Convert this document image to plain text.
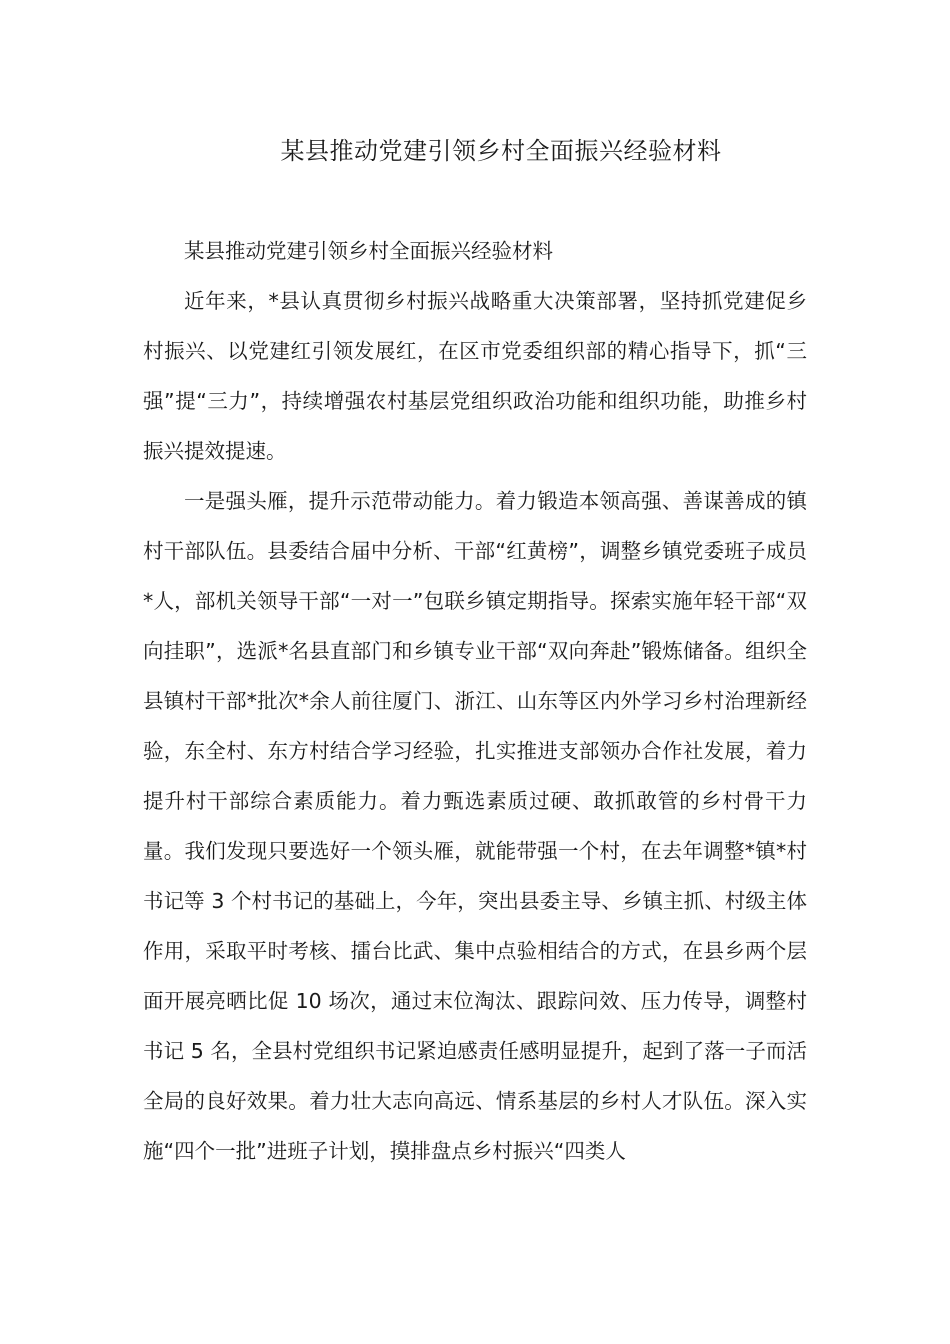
某县推动党建引领乡村全面振兴经验材料

某县推动党建引领乡村全面振兴经验材料

近年来，*县认真贯彻乡村振兴战略重大决策部署，坚持抓党建促乡村振兴、以党建红引领发展红，在区市党委组织部的精心指导下，抓“三强”提“三力”，持续增强农村基层党组织政治功能和组织功能，助推乡村振兴提效提速。

一是强头雁，提升示范带动能力。着力锻造本领高强、善谋善成的镇村干部队伍。县委结合届中分析、干部“红黄榜”，调整乡镇党委班子成员*人，部机关领导干部“一对一”包联乡镇定期指导。探索实施年轻干部“双向挂职”，选派*名县直部门和乡镇专业干部“双向奔赴”锻炼储备。组织全县镇村干部*批次*余人前往厦门、浙江、山东等区内外学习乡村治理新经验，东全村、东方村结合学习经验，扎实推进支部领办合作社发展，着力提升村干部综合素质能力。着力甄选素质过硬、敢抓敢管的乡村骨干力量。我们发现只要选好一个领头雁，就能带强一个村，在去年调整*镇*村书记等 3 个村书记的基础上，今年，突出县委主导、乡镇主抓、村级主体作用，采取平时考核、擂台比武、集中点验相结合的方式，在县乡两个层面开展亮晒比促 10 场次，通过末位淘汰、跟踪问效、压力传导，调整村书记 5 名，全县村党组织书记紧迫感责任感明显提升，起到了落一子而活全局的良好效果。着力壮大志向高远、情系基层的乡村人才队伍。深入实施“四个一批”进班子计划，摸排盘点乡村振兴“四类人
